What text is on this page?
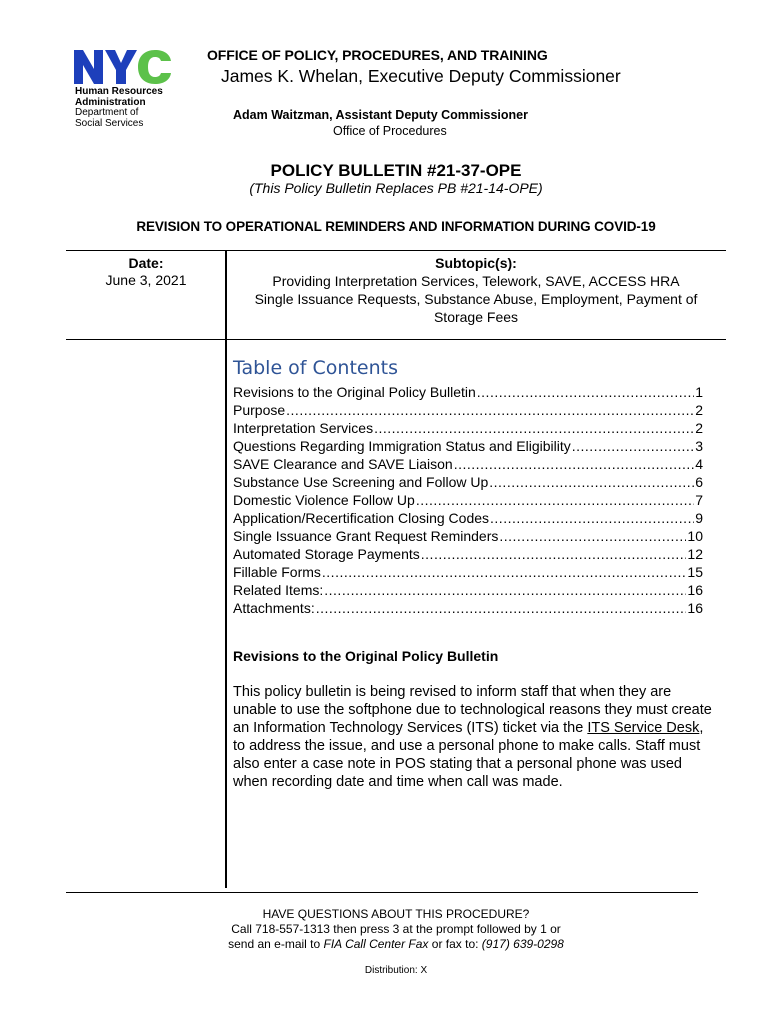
Human Resources
Administration
Department of
Social Services
OFFICE OF POLICY, PROCEDURES, AND TRAINING
James K. Whelan, Executive Deputy Commissioner
Adam Waitzman, Assistant Deputy Commissioner
Office of Procedures
POLICY BULLETIN #21-37-OPE
(This Policy Bulletin Replaces PB #21-14-OPE)
REVISION TO OPERATIONAL REMINDERS AND INFORMATION DURING COVID-19
Date:
June 3, 2021
Subtopic(s):
Providing Interpretation Services, Telework, SAVE, ACCESS HRA
Single Issuance Requests, Substance Abuse, Employment, Payment of
Storage Fees
Table of Contents
Revisions to the Original Policy Bulletin .....	1
Purpose .....	2
Interpretation Services .....	2
Questions Regarding Immigration Status and Eligibility .....	3
SAVE Clearance and SAVE Liaison .....	4
Substance Use Screening and Follow Up .....	6
Domestic Violence Follow Up .....	7
Application/Recertification Closing Codes .....	9
Single Issuance Grant Request Reminders .....	10
Automated Storage Payments .....	12
Fillable Forms .....	15
Related Items: .....	16
Attachments: .....	16
Revisions to the Original Policy Bulletin
This policy bulletin is being revised to inform staff that when they are unable to use the softphone due to technological reasons they must create an Information Technology Services (ITS) ticket via the ITS Service Desk, to address the issue, and use a personal phone to make calls. Staff must also enter a case note in POS stating that a personal phone was used when recording date and time when call was made.
HAVE QUESTIONS ABOUT THIS PROCEDURE?
Call 718-557-1313 then press 3 at the prompt followed by 1 or
send an e-mail to FIA Call Center Fax or fax to: (917) 639-0298
Distribution: X
